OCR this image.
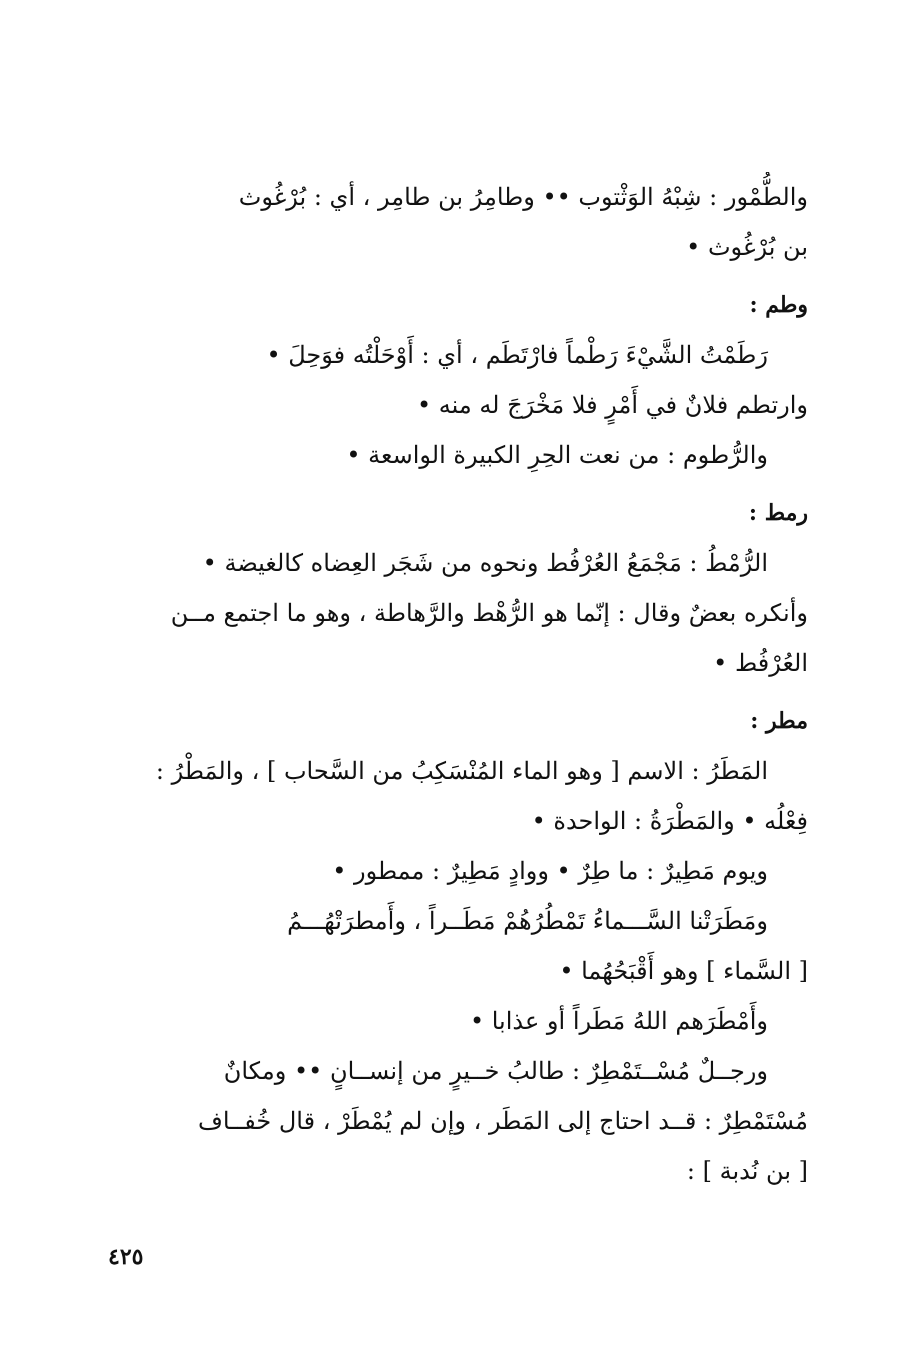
والطُّمْور : شِبْهُ الوَثْتوب •• وطامِرُ بن طامِر ، أي : بُرْغُوث
بن بُرْغُوث •
وطم :
رَطَمْتُ الشَّيْءَ رَطْماً فارْتَطَم ، أي : أَوْحَلْتُه فوَحِلَ •
وارتطم فلانٌ في أَمْرٍ فلا مَخْرَجَ له منه •
والرُّطوم : من نعت الحِرِ الكبيرة الواسعة •
رمط :
الرُّمْطُ : مَجْمَعُ العُرْفُط ونحوه من شَجَر العِضاه كالغيضة •
وأنكره بعضٌ وقال : إنّما هو الرُّهْط والرَّهاطة ، وهو ما اجتمع مــن
العُرْفُط •
مطر :
المَطَرُ : الاسم [ وهو الماء المُنْسَكِبُ من السَّحاب ] ، والمَطْرُ :
فِعْلُه • والمَطْرَةُ : الواحدة •
ويوم مَطِيرٌ : ما طِرٌ • ووادٍ مَطِيرٌ : ممطور •
ومَطَرَتْنا السَّـــماءُ تَمْطُرُهُمْ مَطَــراً ، وأَمطرَتْهُـــمُ
[ السَّماء ] وهو أَقْبَحُهُما •
وأَمْطَرَهم اللهُ مَطَراً أو عذابا •
ورجــلٌ مُسْــتَمْطِرٌ : طالبُ خــيرٍ من إنســانٍ •• ومكانٌ
مُسْتَمْطِرٌ : قــد احتاج إلى المَطَر ، وإن لم يُمْطَرْ ، قال خُفــاف
[ بن نُدبة ] :
٤٢٥
